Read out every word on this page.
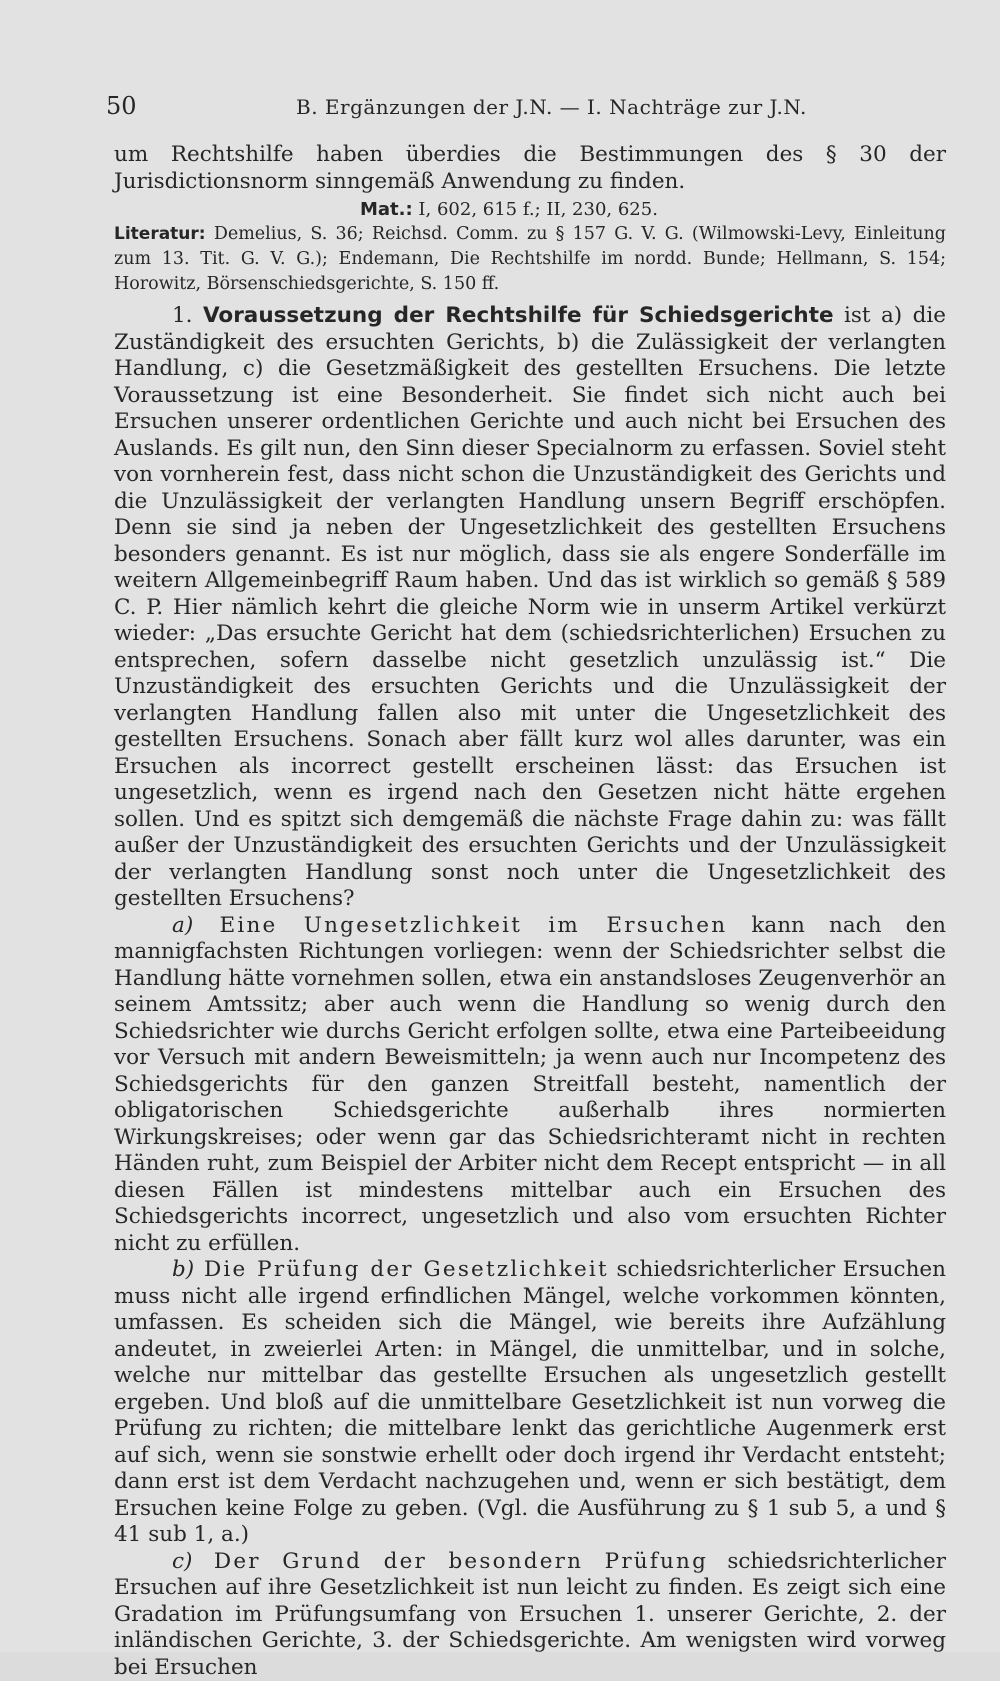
50	B. Ergänzungen der J.N. — I. Nachträge zur J.N.

um Rechtshilfe haben überdies die Bestimmungen des § 30 der Jurisdictionsnorm sinngemäß Anwendung zu finden.

Mat.: I, 602, 615 f.; II, 230, 625.

Literatur: Demelius, S. 36; Reichsd. Comm. zu § 157 G. V. G. (Wilmowski-Levy, Einleitung zum 13. Tit. G. V. G.); Endemann, Die Rechtshilfe im nordd. Bunde; Hellmann, S. 154; Horowitz, Börsenschiedsgerichte, S. 150 ff.

1. Voraussetzung der Rechtshilfe für Schiedsgerichte ist a) die Zuständigkeit des ersuchten Gerichts, b) die Zulässigkeit der verlangten Handlung, c) die Gesetzmäßigkeit des gestellten Ersuchens. Die letzte Voraussetzung ist eine Besonderheit. Sie findet sich nicht auch bei Ersuchen unserer ordentlichen Gerichte und auch nicht bei Ersuchen des Auslands. Es gilt nun, den Sinn dieser Specialnorm zu erfassen. Soviel steht von vornherein fest, dass nicht schon die Unzuständigkeit des Gerichts und die Unzulässigkeit der verlangten Handlung unsern Begriff erschöpfen. Denn sie sind ja neben der Ungesetzlichkeit des gestellten Ersuchens besonders genannt. Es ist nur möglich, dass sie als engere Sonderfälle im weitern Allgemeinbegriff Raum haben. Und das ist wirklich so gemäß § 589 C. P. Hier nämlich kehrt die gleiche Norm wie in unserm Artikel verkürzt wieder: „Das ersuchte Gericht hat dem (schiedsrichterlichen) Ersuchen zu entsprechen, sofern dasselbe nicht gesetzlich unzulässig ist.“ Die Unzuständigkeit des ersuchten Gerichts und die Unzulässigkeit der verlangten Handlung fallen also mit unter die Ungesetzlichkeit des gestellten Ersuchens. Sonach aber fällt kurz wol alles darunter, was ein Ersuchen als incorrect gestellt erscheinen lässt: das Ersuchen ist ungesetzlich, wenn es irgend nach den Gesetzen nicht hätte ergehen sollen. Und es spitzt sich demgemäß die nächste Frage dahin zu: was fällt außer der Unzuständigkeit des ersuchten Gerichts und der Unzulässigkeit der verlangten Handlung sonst noch unter die Ungesetzlichkeit des gestellten Ersuchens?

a) Eine Ungesetzlichkeit im Ersuchen kann nach den mannigfachsten Richtungen vorliegen: wenn der Schiedsrichter selbst die Handlung hätte vornehmen sollen, etwa ein anstandsloses Zeugenverhör an seinem Amtssitz; aber auch wenn die Handlung so wenig durch den Schiedsrichter wie durchs Gericht erfolgen sollte, etwa eine Parteibeeidung vor Versuch mit andern Beweismitteln; ja wenn auch nur Incompetenz des Schiedsgerichts für den ganzen Streitfall besteht, namentlich der obligatorischen Schiedsgerichte außerhalb ihres normierten Wirkungskreises; oder wenn gar das Schiedsrichteramt nicht in rechten Händen ruht, zum Beispiel der Arbiter nicht dem Recept entspricht — in all diesen Fällen ist mindestens mittelbar auch ein Ersuchen des Schiedsgerichts incorrect, ungesetzlich und also vom ersuchten Richter nicht zu erfüllen.

b) Die Prüfung der Gesetzlichkeit schiedsrichterlicher Ersuchen muss nicht alle irgend erfindlichen Mängel, welche vorkommen könnten, umfassen. Es scheiden sich die Mängel, wie bereits ihre Aufzählung andeutet, in zweierlei Arten: in Mängel, die unmittelbar, und in solche, welche nur mittelbar das gestellte Ersuchen als ungesetzlich gestellt ergeben. Und bloß auf die unmittelbare Gesetzlichkeit ist nun vorweg die Prüfung zu richten; die mittelbare lenkt das gerichtliche Augenmerk erst auf sich, wenn sie sonstwie erhellt oder doch irgend ihr Verdacht entsteht; dann erst ist dem Verdacht nachzugehen und, wenn er sich bestätigt, dem Ersuchen keine Folge zu geben. (Vgl. die Ausführung zu § 1 sub 5, a und § 41 sub 1, a.)

c) Der Grund der besondern Prüfung schiedsrichterlicher Ersuchen auf ihre Gesetzlichkeit ist nun leicht zu finden. Es zeigt sich eine Gradation im Prüfungsumfang von Ersuchen 1. unserer Gerichte, 2. der inländischen Gerichte, 3. der Schiedsgerichte. Am wenigsten wird vorweg bei Ersuchen
